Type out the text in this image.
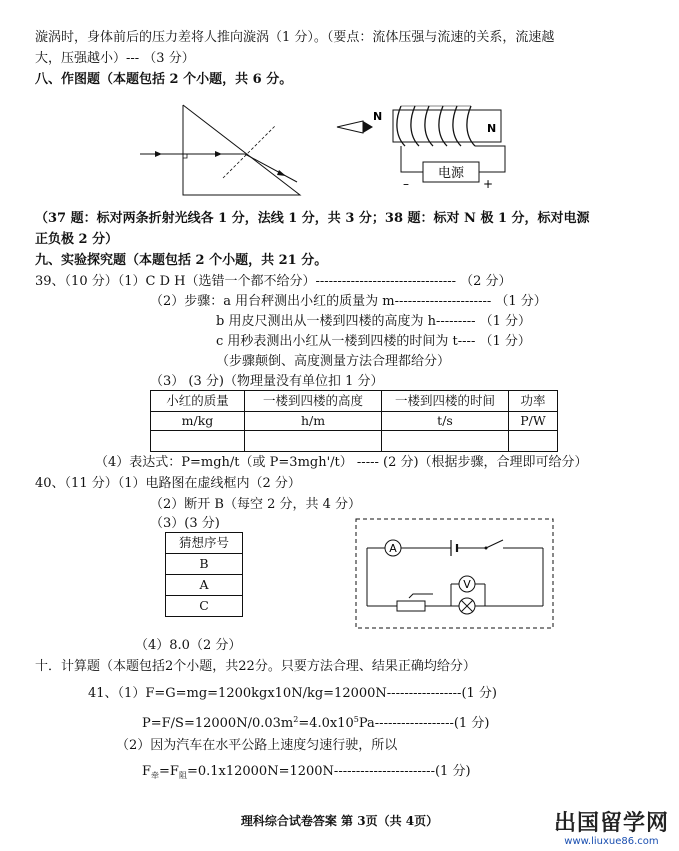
漩涡时，身体前后的压力差将人推向漩涡（1 分）。（要点：流体压强与流速的关系，流速越
大，压强越小）--- （3 分）
八、作图题（本题包括 2 个小题，共 6 分。
N
N
电源
–	+
（37 题：标对两条折射光线各 1 分，法线 1 分，共 3 分；38 题：标对 N 极 1 分，标对电源
正负极 2 分）
九、实验探究题（本题包括 2 个小题，共 21 分。
39、（10 分）（1）C D H（选错一个都不给分）-------------------------------- （2 分）
（2）步骤：a 用台秤测出小红的质量为 m---------------------- （1 分）
b 用皮尺测出从一楼到四楼的高度为 h--------- （1 分）
c 用秒表测出小红从一楼到四楼的时间为 t---- （1 分）
（步骤颠倒、高度测量方法合理都给分）
（3） (3 分)（物理量没有单位扣 1 分）
小红的质量	一楼到四楼的高度	一楼到四楼的时间	功率
m/kg	h/m	t/s	P/W

（4）表达式：P=mgh/t（或 P=3mgh'/t） ----- (2 分)（根据步骤，合理即可给分）
40、（11 分）（1）电路图在虚线框内（2 分）
（2）断开 B（每空 2 分，共 4 分）
（3）(3 分)
猜想序号
B
A
C
A
V
（4）8.0（2 分）
十．计算题（本题包括2个小题，共22分。只要方法合理、结果正确均给分）
41、（1）F=G=mg=1200kgx10N/kg=12000N-----------------(1 分)
$P=F/S=12000N/0.03m^2=4.0x10^5Pa------------------(1$ 分)
（2）因为汽车在水平公路上速度匀速行驶，所以
$F_牵=F_阻=0.1x12000N=1200N-----------------------(1$ 分)
理科综合试卷答案 第 3页（共 4页）	出国留学网
www.liuxue86.com
